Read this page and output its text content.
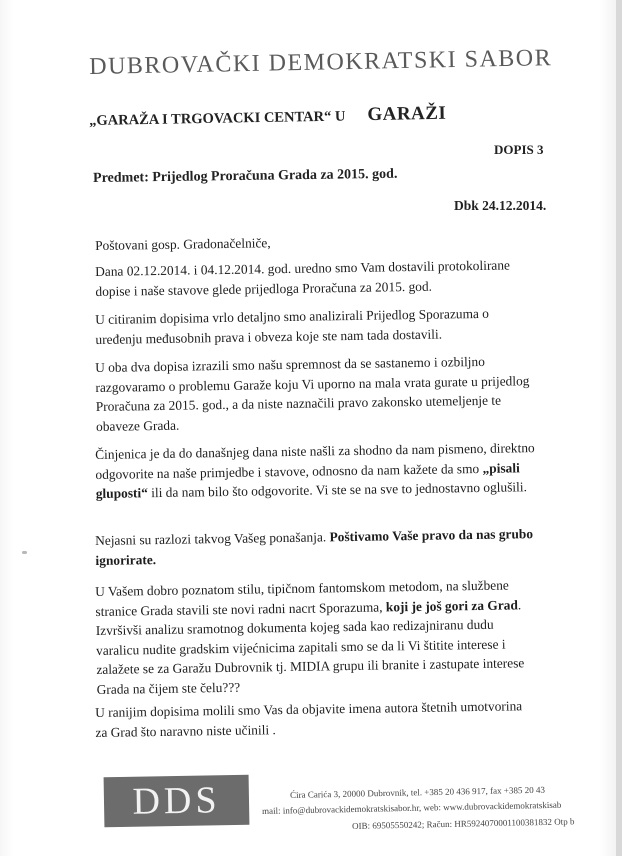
DUBROVAČKI DEMOKRATSKI SABOR
„GARAŽA I TRGOVACKI CENTAR“ U GARAŽI
DOPIS 3
Predmet: Prijedlog Proračuna Grada za 2015. god.
Dbk 24.12.2014.
Poštovani gosp. Gradonačelniče,
Dana 02.12.2014. i 04.12.2014. god. uredno smo Vam dostavili protokolirane dopise i naše stavove glede prijedloga Proračuna za 2015. god.
U citiranim dopisima vrlo detaljno smo analizirali Prijedlog Sporazuma o uređenju međusobnih prava i obveza koje ste nam tada dostavili.
U oba dva dopisa izrazili smo našu spremnost da se sastanemo i ozbiljno razgovaramo o problemu Garaže koju Vi uporno na mala vrata gurate u prijedlog Proračuna za 2015. god., a da niste naznačili pravo zakonsko utemeljenje te obaveze Grada.
Činjenica je da do današnjeg dana niste našli za shodno da nam pismeno, direktno odgovorite na naše primjedbe i stavove, odnosno da nam kažete da smo „pisali gluposti“ ili da nam bilo što odgovorite. Vi ste se na sve to jednostavno oglušili.
Nejasni su razlozi takvog Vašeg ponašanja. Poštivamo Vaše pravo da nas grubo ignorirate.
U Vašem dobro poznatom stilu, tipičnom fantomskom metodom, na službene stranice Grada stavili ste novi radni nacrt Sporazuma, koji je još gori za Grad. Izvršivši analizu sramotnog dokumenta kojeg sada kao redizajniranu dudu varalicu nudite gradskim vijećnicima zapitali smo se da li Vi štitite interese i zalažete se za Garažu Dubrovnik tj. MIDIA grupu ili branite i zastupate interese Grada na čijem ste čelu???
U ranijim dopisima molili smo Vas da objavite imena autora štetnih umotvorina za Grad što naravno niste učinili .
DDS	Ćira Carića 3, 20000 Dubrovnik, tel. +385 20 436 917, fax +385 20 43
mail: info@dubrovackidemokratskisabor.hr, web: www.dubrovackidemokratskisab
OIB: 69505550242; Račun: HR5924070001100381832 Otp b
